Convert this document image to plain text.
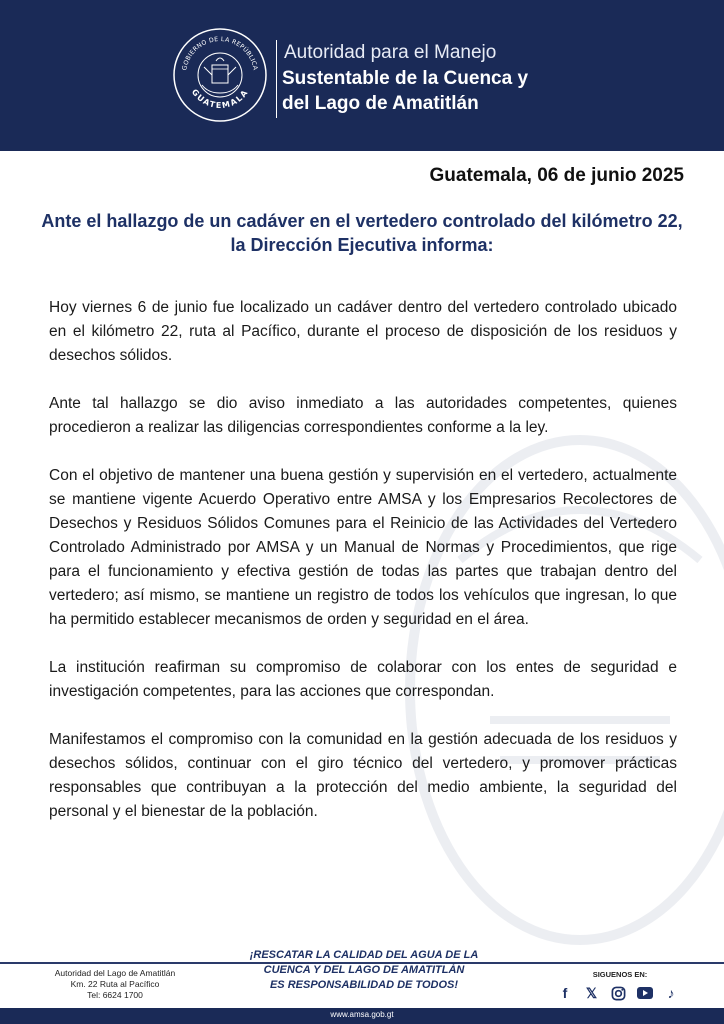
GOBIERNO DE LA REPÚBLICA
GUATEMALA
Autoridad para el Manejo
Sustentable de la Cuenca y
del Lago de Amatitlán
Guatemala, 06 de junio 2025
Ante el hallazgo de un cadáver en el vertedero controlado del kilómetro 22, la Dirección Ejecutiva informa:

Hoy viernes 6 de junio fue localizado un cadáver dentro del vertedero controlado ubicado en el kilómetro 22, ruta al Pacífico, durante el proceso de disposición de los residuos y desechos sólidos.

Ante tal hallazgo se dio aviso inmediato a las autoridades competentes, quienes procedieron a realizar las diligencias correspondientes conforme a la ley.

Con el objetivo de mantener una buena gestión y supervisión en el vertedero, actualmente se mantiene vigente Acuerdo Operativo entre AMSA y los Empresarios Recolectores de Desechos y Residuos Sólidos Comunes para el Reinicio de las Actividades del Vertedero Controlado Administrado por AMSA y un Manual de Normas y Procedimientos, que rige para el funcionamiento y efectiva gestión de todas las partes que trabajan dentro del vertedero; así mismo, se mantiene un registro de todos los vehículos que ingresan, lo que ha permitido establecer mecanismos de orden y seguridad en el área.

La institución reafirman su compromiso de colaborar con los entes de seguridad e investigación competentes, para las acciones que correspondan.

Manifestamos el compromiso con la comunidad en la gestión adecuada de los residuos y desechos sólidos, continuar con el giro técnico del vertedero, y promover prácticas responsables que contribuyan a la protección del medio ambiente, la seguridad del personal y el bienestar de la población.

Autoridad del Lago de Amatitlán
Km. 22 Ruta al Pacífico
Tel: 6624 1700
¡RESCATAR LA CALIDAD DEL AGUA DE LA
CUENCA Y DEL LAGO DE AMATITLÁN
ES RESPONSABILIDAD DE TODOS!
SIGUENOS EN:
f	𝕏	♪
www.amsa.gob.gt
